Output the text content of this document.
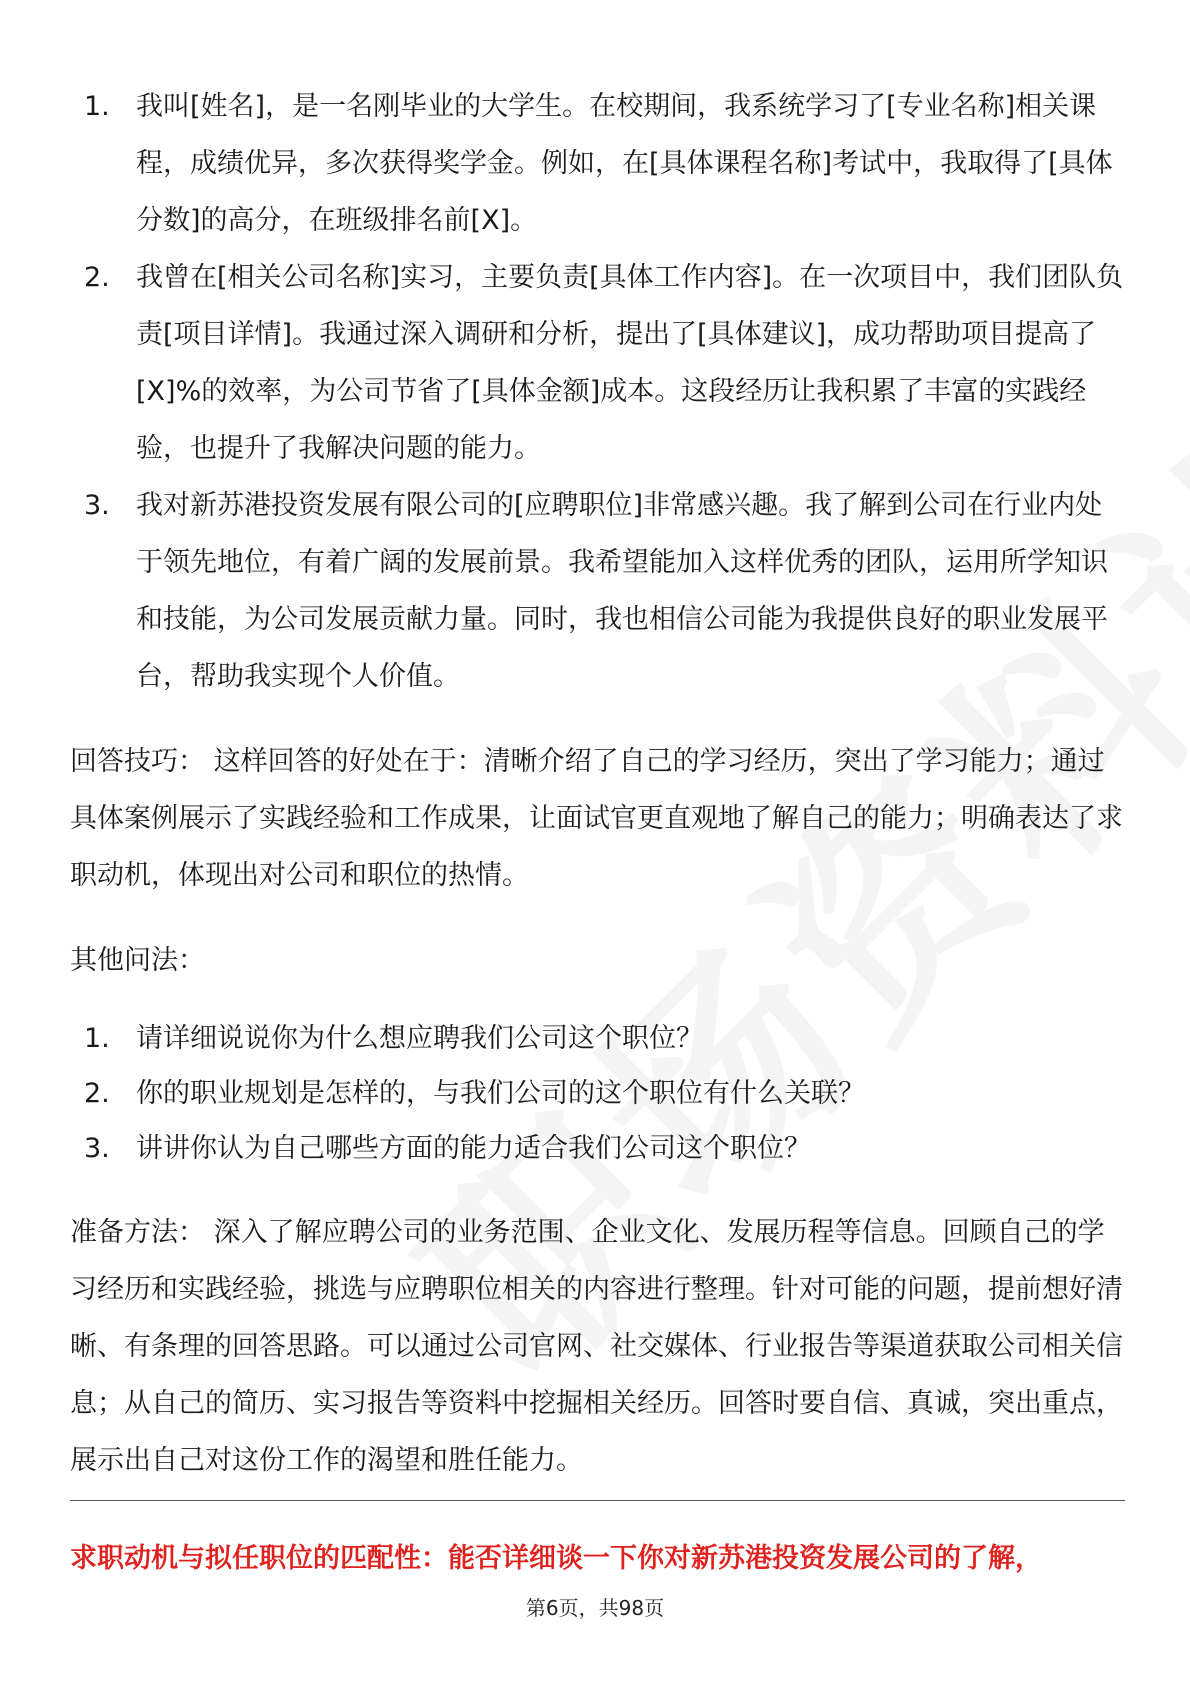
1. 我叫[姓名]，是一名刚毕业的大学生。在校期间，我系统学习了[专业名称]相关课程，成绩优异，多次获得奖学金。例如，在[具体课程名称]考试中，我取得了[具体分数]的高分，在班级排名前[X]。
2. 我曾在[相关公司名称]实习，主要负责[具体工作内容]。在一次项目中，我们团队负责[项目详情]。我通过深入调研和分析，提出了[具体建议]，成功帮助项目提高了[X]%的效率，为公司节省了[具体金额]成本。这段经历让我积累了丰富的实践经验，也提升了我解决问题的能力。
3. 我对新苏港投资发展有限公司的[应聘职位]非常感兴趣。我了解到公司在行业内处于领先地位，有着广阔的发展前景。我希望能加入这样优秀的团队，运用所学知识和技能，为公司发展贡献力量。同时，我也相信公司能为我提供良好的职业发展平台，帮助我实现个人价值。

回答技巧： 这样回答的好处在于：清晰介绍了自己的学习经历，突出了学习能力；通过具体案例展示了实践经验和工作成果，让面试官更直观地了解自己的能力；明确表达了求职动机，体现出对公司和职位的热情。

其他问法：

1. 请详细说说你为什么想应聘我们公司这个职位？
2. 你的职业规划是怎样的，与我们公司的这个职位有什么关联？
3. 讲讲你认为自己哪些方面的能力适合我们公司这个职位？

准备方法： 深入了解应聘公司的业务范围、企业文化、发展历程等信息。回顾自己的学习经历和实践经验，挑选与应聘职位相关的内容进行整理。针对可能的问题，提前想好清晰、有条理的回答思路。可以通过公司官网、社交媒体、行业报告等渠道获取公司相关信息；从自己的简历、实习报告等资料中挖掘相关经历。回答时要自信、真诚，突出重点，展示出自己对这份工作的渴望和胜任能力。

求职动机与拟任职位的匹配性：能否详细谈一下你对新苏港投资发展公司的了解，
第6页，共98页
